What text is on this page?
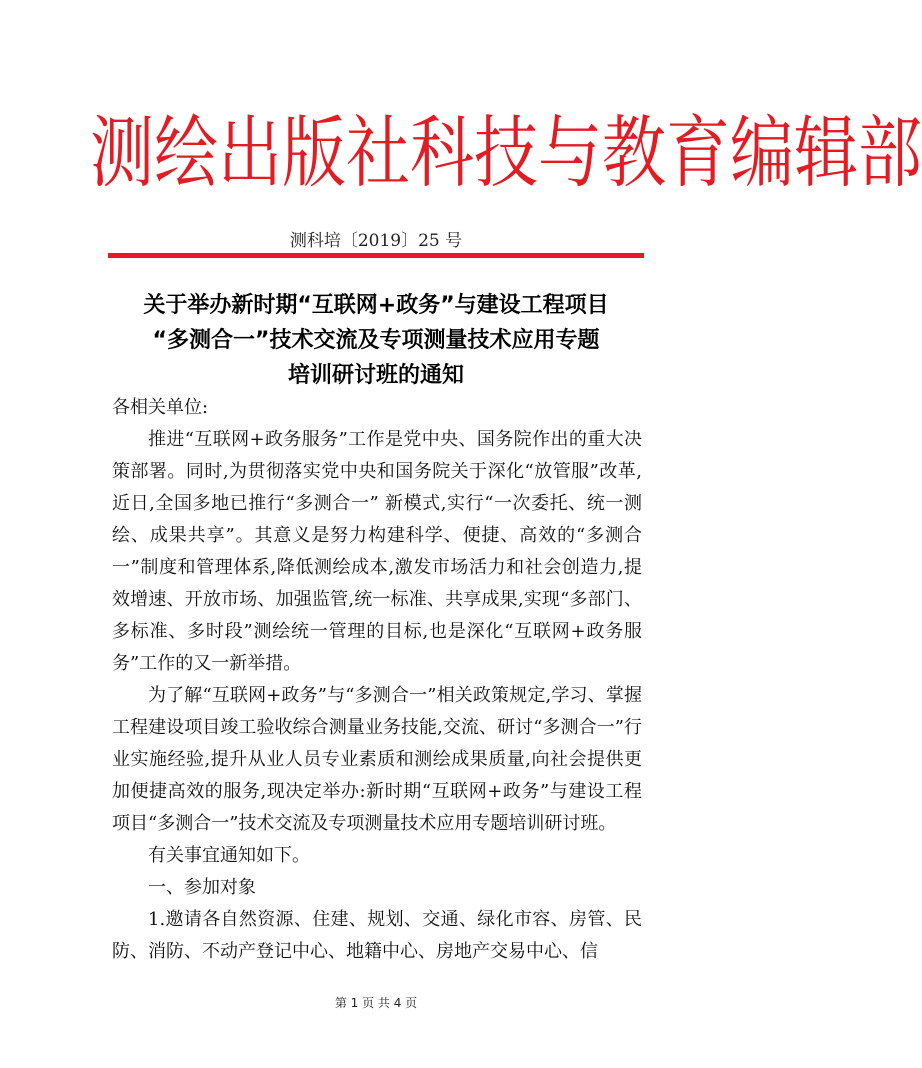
测绘出版社科技与教育编辑部
测科培〔2019〕25 号
关于举办新时期“互联网+政务”与建设工程项目
“多测合一”技术交流及专项测量技术应用专题
培训研讨班的通知

各相关单位:

推进“互联网+政务服务”工作是党中央、国务院作出的重大决策部署。同时,为贯彻落实党中央和国务院关于深化“放管服”改革,近日,全国多地已推行“多测合一” 新模式,实行“一次委托、统一测绘、成果共享”。其意义是努力构建科学、便捷、高效的“多测合一”制度和管理体系,降低测绘成本,激发市场活力和社会创造力,提效增速、开放市场、加强监管,统一标准、共享成果,实现“多部门、多标准、多时段”测绘统一管理的目标,也是深化“互联网+政务服务”工作的又一新举措。

为了解“互联网+政务”与“多测合一”相关政策规定,学习、掌握工程建设项目竣工验收综合测量业务技能,交流、研讨“多测合一”行业实施经验,提升从业人员专业素质和测绘成果质量,向社会提供更加便捷高效的服务,现决定举办:新时期“互联网+政务”与建设工程项目“多测合一”技术交流及专项测量技术应用专题培训研讨班。

有关事宜通知如下。

一、参加对象

1.邀请各自然资源、住建、规划、交通、绿化市容、房管、民防、消防、不动产登记中心、地籍中心、房地产交易中心、信

第 1 页 共 4 页
